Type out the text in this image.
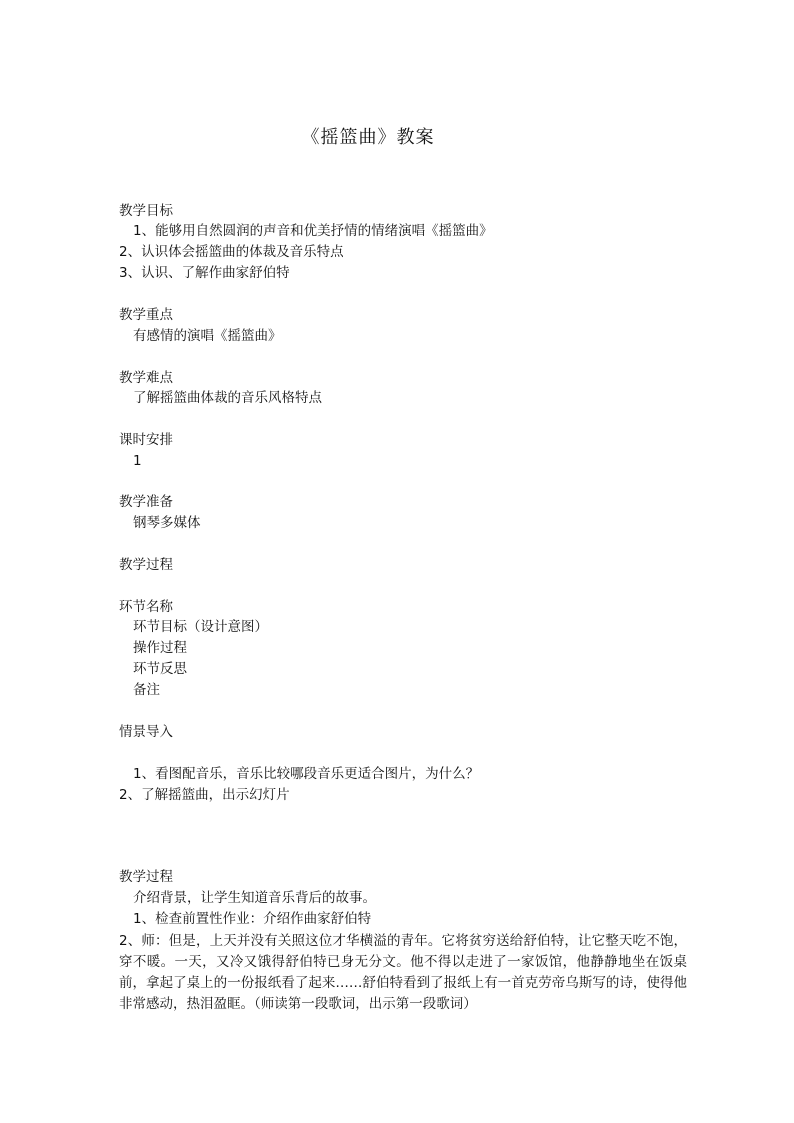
《摇篮曲》教案
教学目标
1、能够用自然圆润的声音和优美抒情的情绪演唱《摇篮曲》
2、认识体会摇篮曲的体裁及音乐特点
3、认识、了解作曲家舒伯特
教学重点
有感情的演唱《摇篮曲》
教学难点
了解摇篮曲体裁的音乐风格特点
课时安排
1
教学准备
钢琴多媒体
教学过程
环节名称
环节目标（设计意图）
操作过程
环节反思
备注
情景导入
1、看图配音乐，音乐比较哪段音乐更适合图片，为什么？
2、了解摇篮曲，出示幻灯片
教学过程
介绍背景，让学生知道音乐背后的故事。
1、检查前置性作业：介绍作曲家舒伯特
2、师：但是，上天并没有关照这位才华横溢的青年。它将贫穷送给舒伯特，让它整天吃不饱，穿不暖。一天，又冷又饿得舒伯特已身无分文。他不得以走进了一家饭馆，他静静地坐在饭桌前，拿起了桌上的一份报纸看了起来……舒伯特看到了报纸上有一首克劳帝乌斯写的诗，使得他非常感动，热泪盈眶。（师读第一段歌词，出示第一段歌词）
